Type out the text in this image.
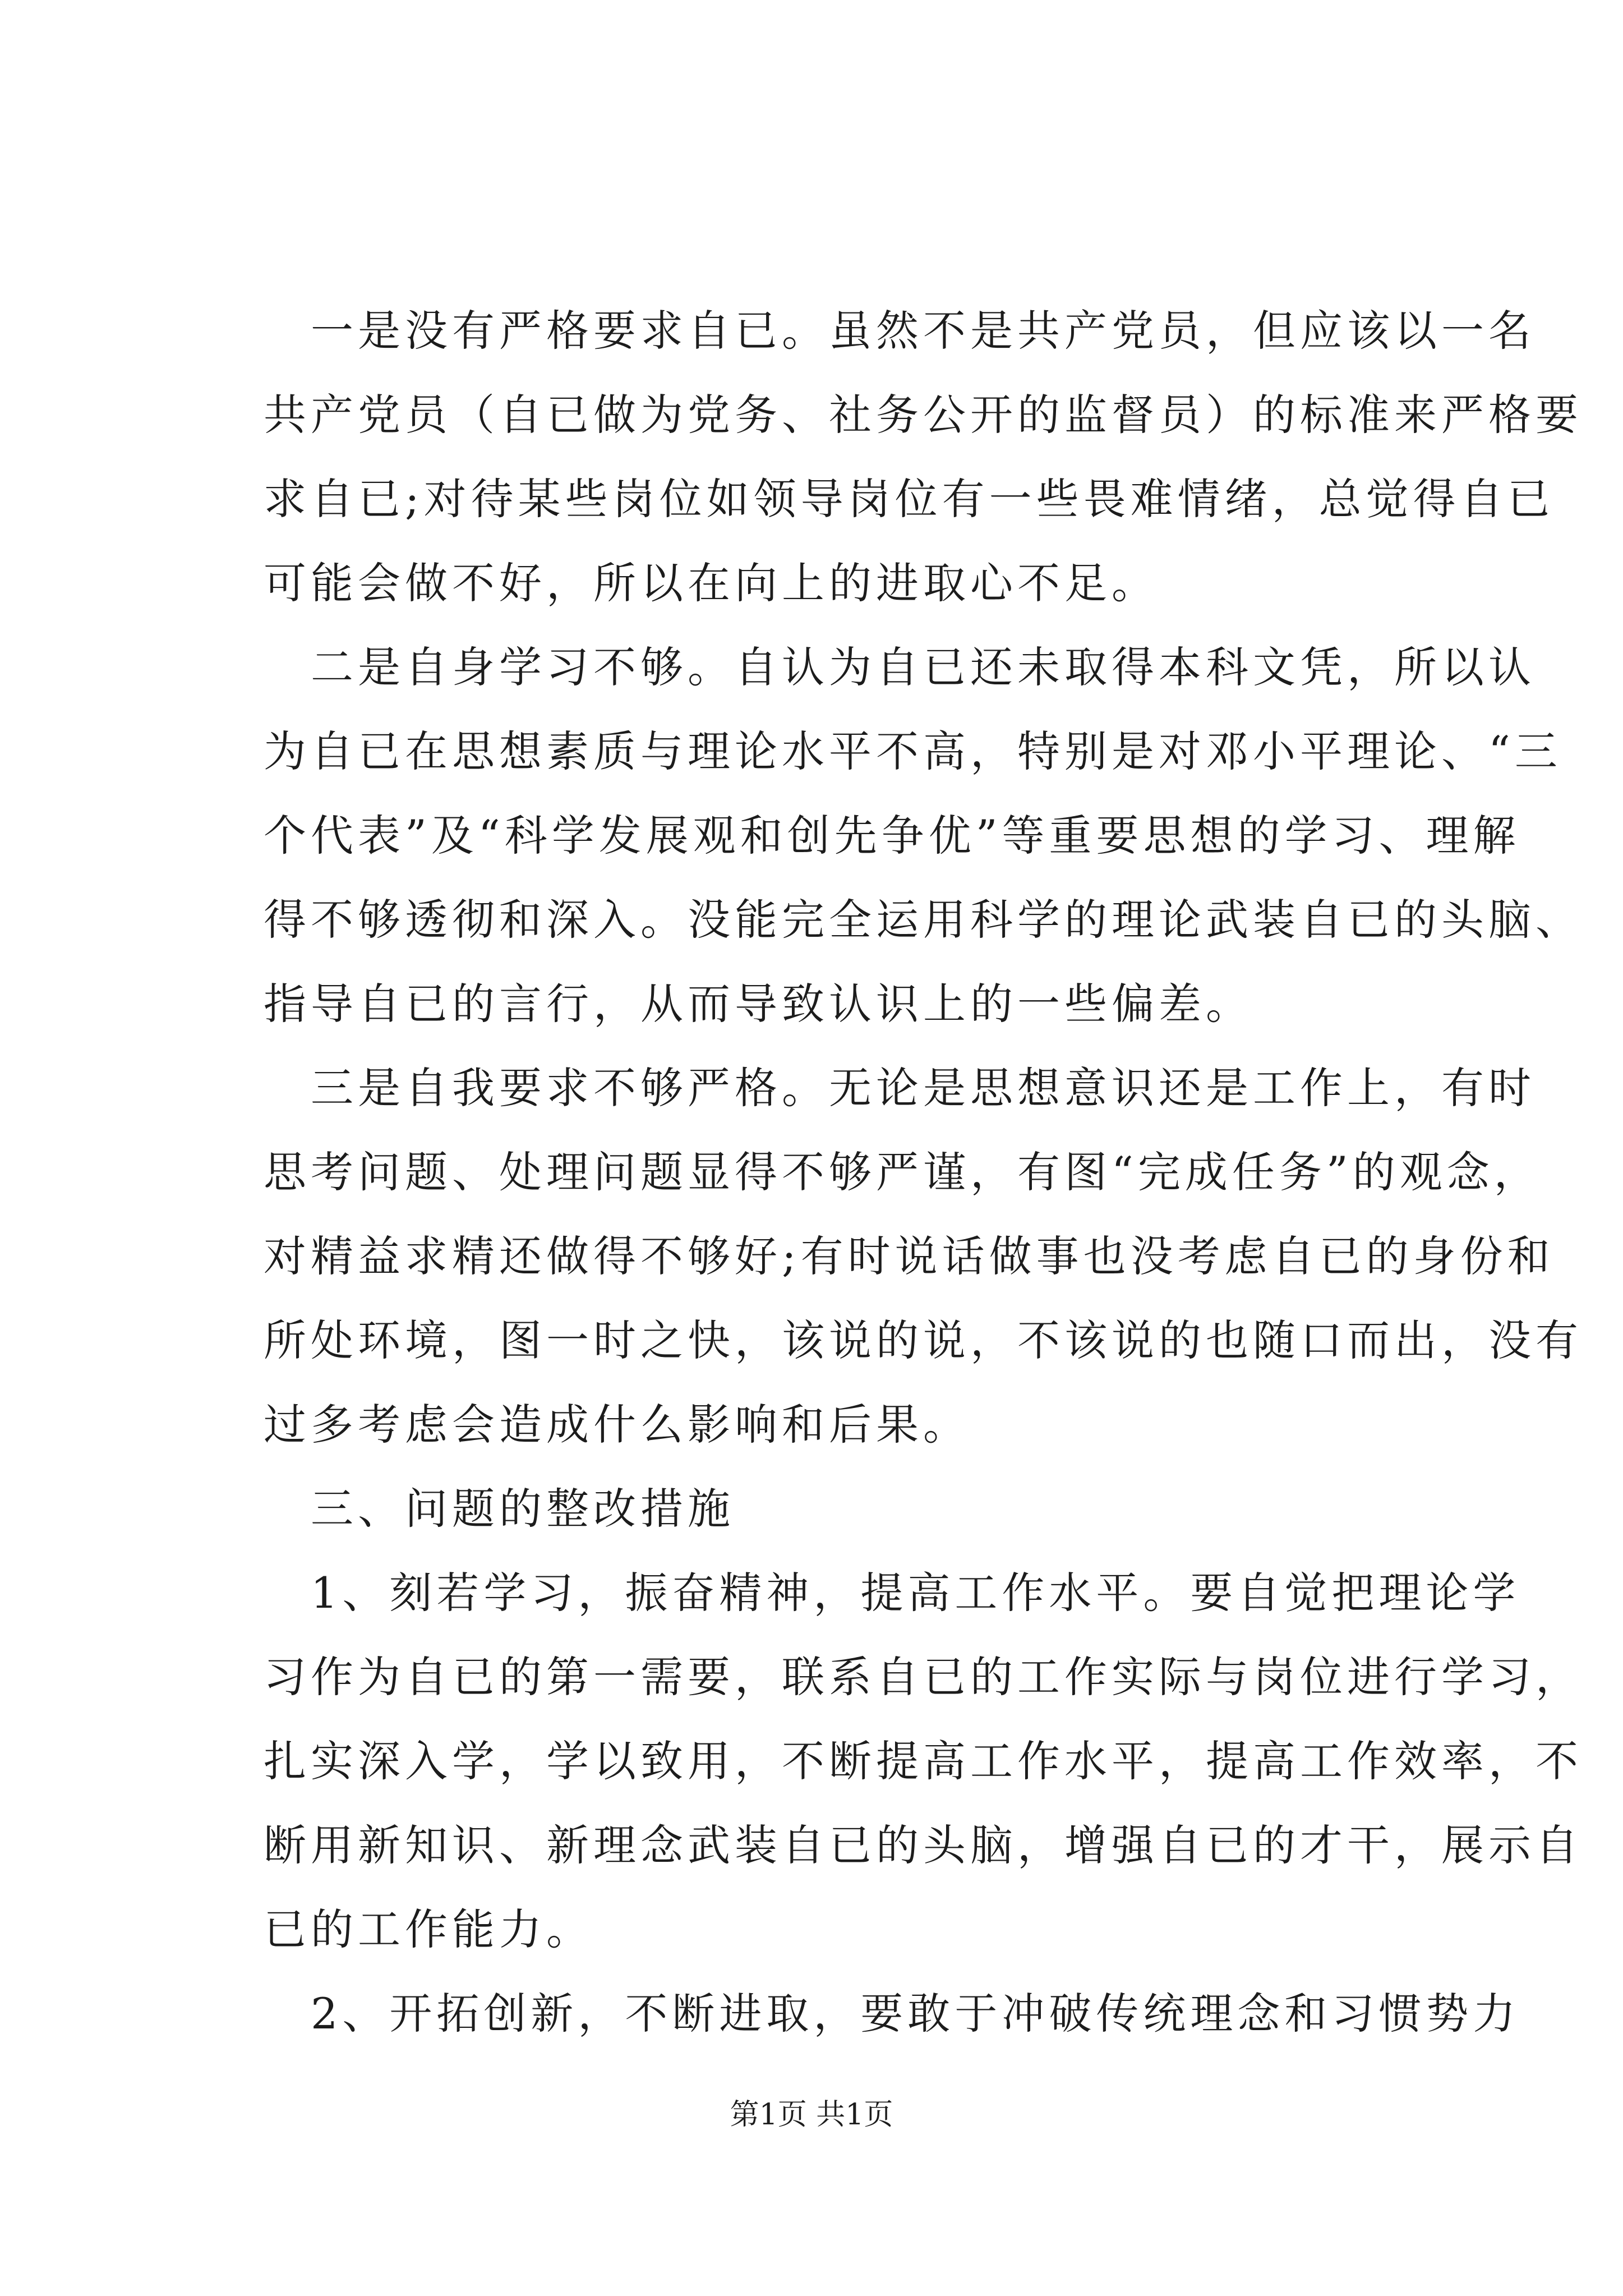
　一是没有严格要求自已。虽然不是共产党员，但应该以一名
共产党员（自已做为党务、社务公开的监督员）的标准来严格要
求自已;对待某些岗位如领导岗位有一些畏难情绪，总觉得自已
可能会做不好，所以在向上的进取心不足。
　二是自身学习不够。自认为自已还未取得本科文凭，所以认
为自已在思想素质与理论水平不高，特别是对邓小平理论、“三
个代表”及“科学发展观和创先争优”等重要思想的学习、理解
得不够透彻和深入。没能完全运用科学的理论武装自已的头脑、
指导自已的言行，从而导致认识上的一些偏差。
　三是自我要求不够严格。无论是思想意识还是工作上，有时
思考问题、处理问题显得不够严谨，有图“完成任务”的观念，
对精益求精还做得不够好;有时说话做事也没考虑自已的身份和
所处环境，图一时之快，该说的说，不该说的也随口而出，没有
过多考虑会造成什么影响和后果。
　三、问题的整改措施
　1、刻若学习，振奋精神，提高工作水平。要自觉把理论学
习作为自已的第一需要，联系自已的工作实际与岗位进行学习，
扎实深入学，学以致用，不断提高工作水平，提高工作效率，不
断用新知识、新理念武装自已的头脑，增强自已的才干，展示自
已的工作能力。
　2、开拓创新，不断进取，要敢于冲破传统理念和习惯势力
第1页 共1页
